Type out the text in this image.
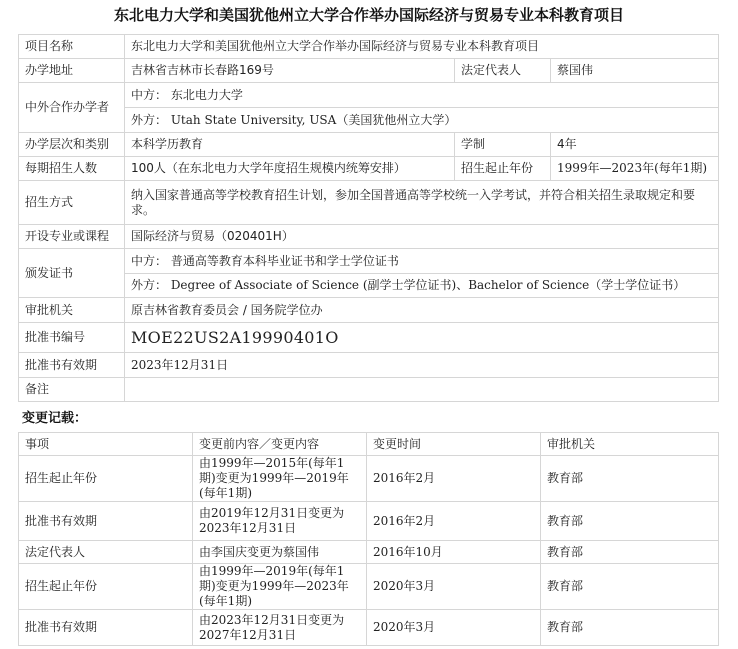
东北电力大学和美国犹他州立大学合作举办国际经济与贸易专业本科教育项目
项目名称	东北电力大学和美国犹他州立大学合作举办国际经济与贸易专业本科教育项目		
办学地址	吉林省吉林市长春路169号	法定代表人	蔡国伟
中外合作办学者	中方： 东北电力大学		
	外方： Utah State University, USA（美国犹他州立大学）		
办学层次和类别	本科学历教育	学制	4年
每期招生人数	100人（在东北电力大学年度招生规模内统筹安排）	招生起止年份	1999年—2023年(每年1期)
招生方式	纳入国家普通高等学校教育招生计划，参加全国普通高等学校统一入学考试，并符合相关招生录取规定和要求。		
开设专业或课程	国际经济与贸易（020401H）		
颁发证书	中方： 普通高等教育本科毕业证书和学士学位证书		
	外方： Degree of Associate of Science (副学士学位证书)、Bachelor of Science（学士学位证书）		
审批机关	原吉林省教育委员会 / 国务院学位办		
批准书编号	MOE22US2A19990401O		
批准书有效期	2023年12月31日		
备注			
变更记载：
事项	变更前内容／变更内容	变更时间	审批机关
招生起止年份	由1999年—2015年(每年1期)变更为1999年—2019年(每年1期)	2016年2月	教育部
批准书有效期	由2019年12月31日变更为2023年12月31日	2016年2月	教育部
法定代表人	由李国庆变更为蔡国伟	2016年10月	教育部
招生起止年份	由1999年—2019年(每年1期)变更为1999年—2023年(每年1期)	2020年3月	教育部
批准书有效期	由2023年12月31日变更为2027年12月31日	2020年3月	教育部
